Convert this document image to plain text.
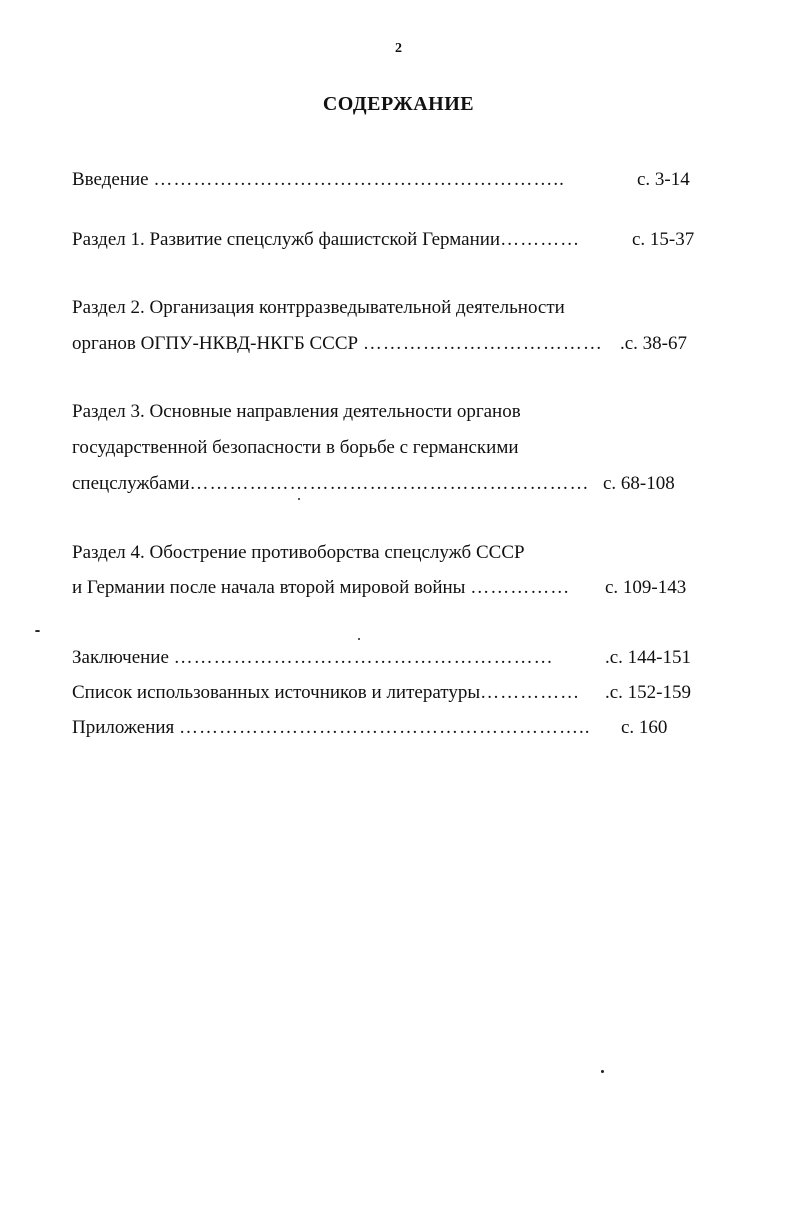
2
СОДЕРЖАНИЕ
Введение ……………………………………………………..	с. 3-14
Раздел 1. Развитие спецслужб фашистской Германии…………	с. 15-37
Раздел 2. Организация контрразведывательной деятельности
органов ОГПУ-НКВД-НКГБ СССР ……………………………… .с. 38-67
Раздел 3. Основные направления деятельности органов
государственной безопасности в борьбе с германскими
спецслужбами…………………………………………………… с. 68-108
Раздел 4. Обострение противоборства спецслужб СССР
и Германии после начала второй мировой войны …………… с. 109-143
Заключение …………………………………………………	.с. 144-151
Список использованных источников и литературы…………… .с. 152-159
Приложения …………………………………………………….. с. 160
